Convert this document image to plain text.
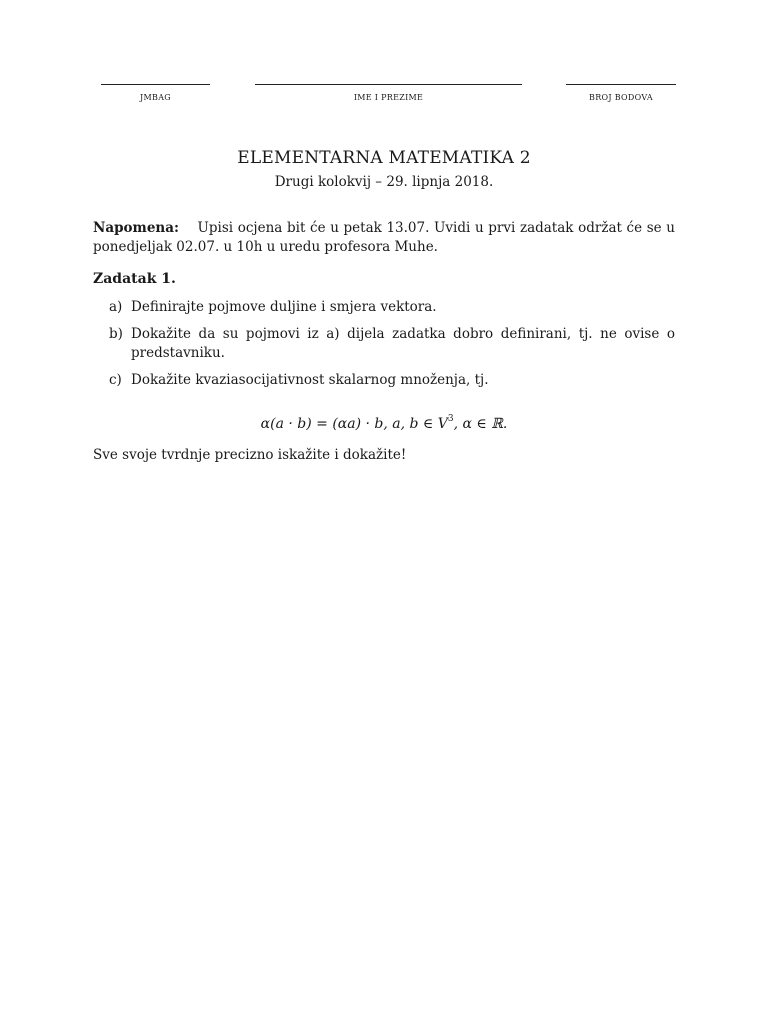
JMBAG	IME I PREZIME	BROJ BODOVA
ELEMENTARNA MATEMATIKA 2
Drugi kolokvij – 29. lipnja 2018.
Napomena: Upisi ocjena bit će u petak 13.07. Uvidi u prvi zadatak održat će se u ponedjeljak 02.07. u 10h u uredu profesora Muhe.
Zadatak 1.
a) Definirajte pojmove duljine i smjera vektora.
b) Dokažite da su pojmovi iz a) dijela zadatka dobro definirani, tj. ne ovise o predstavniku.
c) Dokažite kvaziasocijativnost skalarnog množenja, tj.
α(a · b) = (αa) · b, a, b ∈ $V^3$, α ∈ ℝ.
Sve svoje tvrdnje precizno iskažite i dokažite!
